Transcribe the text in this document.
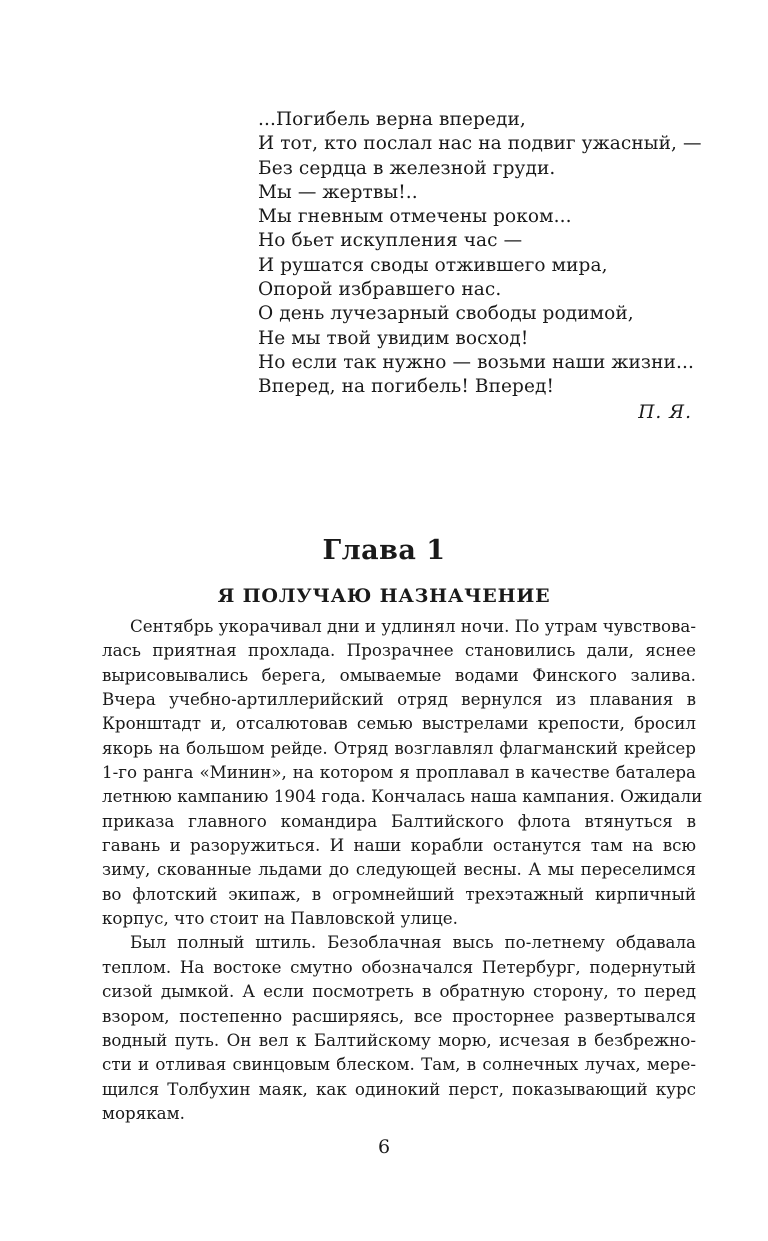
...Погибель верна впереди,
И тот, кто послал нас на подвиг ужасный, —
Без сердца в железной груди.
Мы — жертвы!..
Мы гневным отмечены роком...
Но бьет искупления час —
И рушатся своды отжившего мира,
Опорой избравшего нас.
О день лучезарный свободы родимой,
Не мы твой увидим восход!
Но если так нужно — возьми наши жизни...
Вперед, на погибель! Вперед!
П. Я.
Глава 1
Я ПОЛУЧАЮ НАЗНАЧЕНИЕ
Сентябрь укорачивал дни и удлинял ночи. По утрам чувствова-
лась приятная прохлада. Прозрачнее становились дали, яснее
вырисовывались берега, омываемые водами Финского залива.
Вчера учебно-артиллерийский отряд вернулся из плавания в
Кронштадт и, отсалютовав семью выстрелами крепости, бросил
якорь на большом рейде. Отряд возглавлял флагманский крейсер
1-го ранга «Минин», на котором я проплавал в качестве баталера
летнюю кампанию 1904 года. Кончалась наша кампания. Ожидали
приказа главного командира Балтийского флота втянуться в
гавань и разоружиться. И наши корабли останутся там на всю
зиму, скованные льдами до следующей весны. А мы переселимся
во флотский экипаж, в огромнейший трехэтажный кирпичный
корпус, что стоит на Павловской улице.
Был полный штиль. Безоблачная высь по-летнему обдавала
теплом. На востоке смутно обозначался Петербург, подернутый
сизой дымкой. А если посмотреть в обратную сторону, то перед
взором, постепенно расширяясь, все просторнее развертывался
водный путь. Он вел к Балтийскому морю, исчезая в безбрежно-
сти и отливая свинцовым блеском. Там, в солнечных лучах, мере-
щился Толбухин маяк, как одинокий перст, показывающий курс
морякам.
6
